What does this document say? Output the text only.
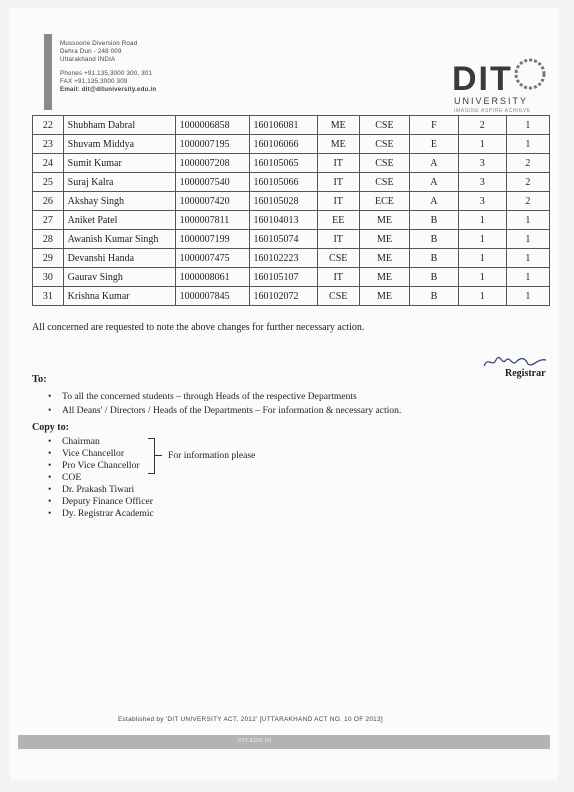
Mussoorie Diversion Road
Dehra Dun - 248 009
Uttarakhand INDIA
Phones +91,135,3000 300, 301
FAX +91,135,3000 309
Email: dit@dituniversity.edu.in	DIT
UNIVERSITY
IMAGINE ASPIRE ACHIEVE
22	Shubham Dabral	1000006858	160106081	ME	CSE	F	2	1
23	Shuvam Middya	1000007195	160106066	ME	CSE	E	1	1
24	Sumit Kumar	1000007208	160105065	IT	CSE	A	3	2
25	Suraj Kalra	1000007540	160105066	IT	CSE	A	3	2
26	Akshay Singh	1000007420	160105028	IT	ECE	A	3	2
27	Aniket Patel	1000007811	160104013	EE	ME	B	1	1
28	Awanish Kumar Singh	1000007199	160105074	IT	ME	B	1	1
29	Devanshi Handa	1000007475	160102223	CSE	ME	B	1	1
30	Gaurav Singh	1000008061	160105107	IT	ME	B	1	1
31	Krishna Kumar	1000007845	160102072	CSE	ME	B	1	1
All concerned are requested to note the above changes for further necessary action.
Registrar
To:
• To all the concerned students – through Heads of the respective Departments
• All Deans' / Directors / Heads of the Departments – For information & necessary action.
Copy to:
• Chairman
• Vice Chancellor
• Pro Vice Chancellor
• COE
• Dr. Prakash Tiwari
• Deputy Finance Officer
• Dy. Registrar Academic
For information please
Established by 'DIT UNIVERSITY ACT, 2012' [UTTARAKHAND ACT NO. 10 OF 2013]
DIT.EDU.IN
